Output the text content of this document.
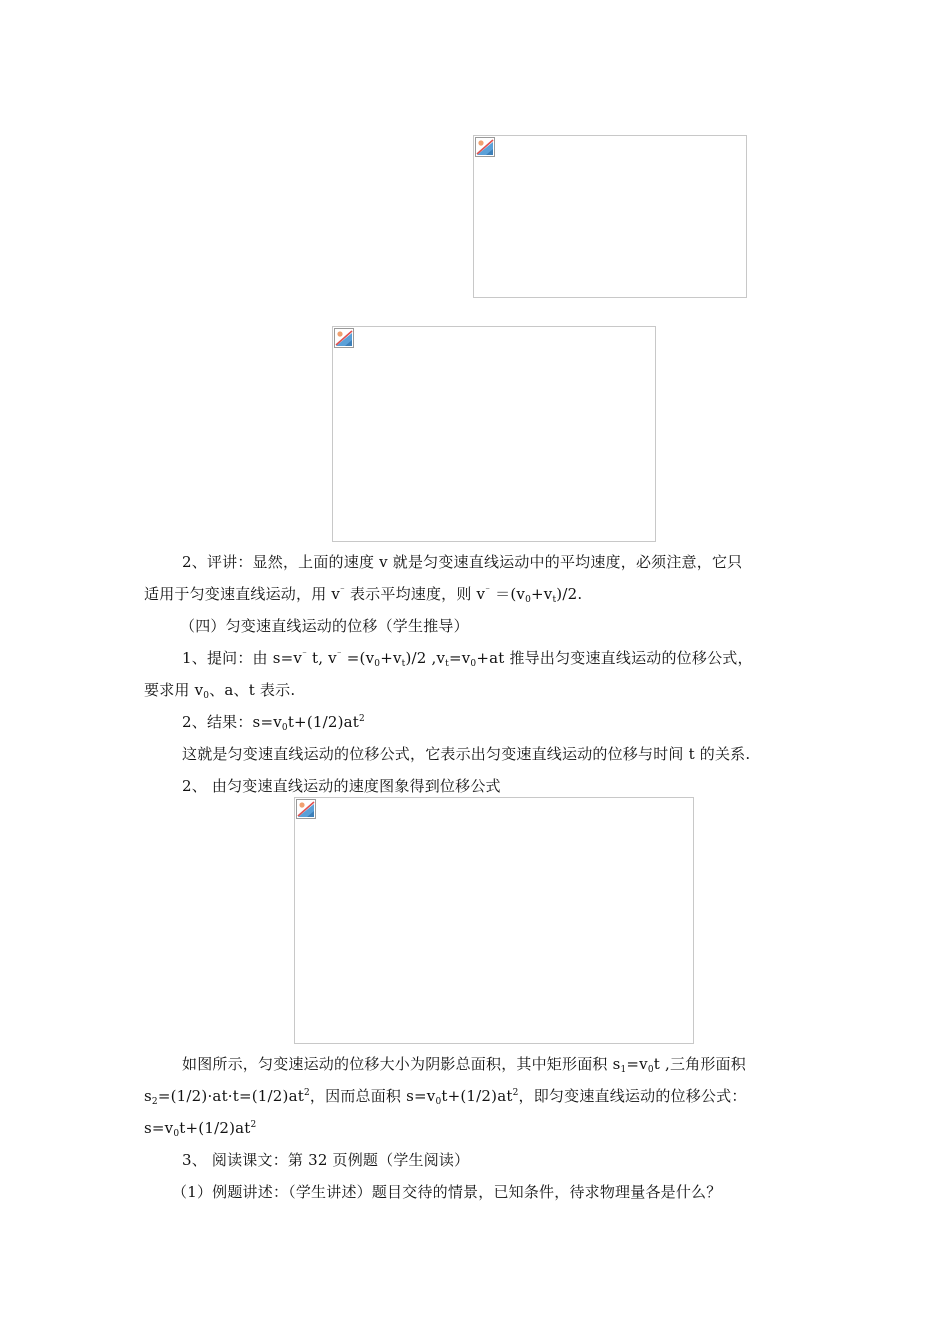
2、评讲：显然，上面的速度 v 就是匀变速直线运动中的平均速度，必须注意，它只
适用于匀变速直线运动，用 v⁻ 表示平均速度，则 $v^{^-} =(v_0+v_t)/2$.
（四）匀变速直线运动的位移（学生推导）
1、提问：由 s=v⁻ t, $v^{^-} =(v_0+v_t)/2$ $,v_t=v_0+at$ 推导出匀变速直线运动的位移公式，
要求用 $v_0$、a、t 表示.
2、结果：$s=v_0t+(1/2)at^2$
这就是匀变速直线运动的位移公式，它表示出匀变速直线运动的位移与时间 t 的关系.
2、 由匀变速直线运动的速度图象得到位移公式
如图所示，匀变速运动的位移大小为阴影总面积，其中矩形面积 $s_1=v_0t$ ,三角形面积
$s_2=(1/2)\cdot at\cdot t=(1/2)at^2$，因而总面积 $s=v_0t+(1/2)at^2$，即匀变速直线运动的位移公式：
$s=v_0t+(1/2)at^2$
3、 阅读课文：第 32 页例题（学生阅读）
（1）例题讲述：（学生讲述）题目交待的情景，已知条件，待求物理量各是什么？
